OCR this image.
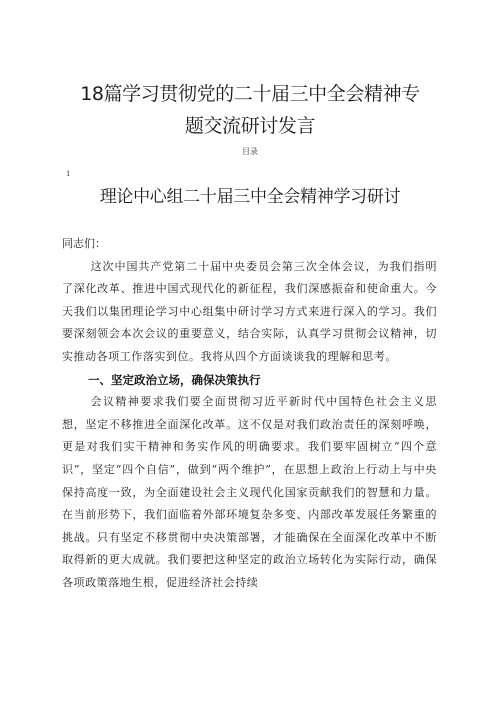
18篇学习贯彻党的二十届三中全会精神专
题交流研讨发言
目录
1
理论中心组二十届三中全会精神学习研讨

同志们：

这次中国共产党第二十届中央委员会第三次全体会议，为我们指明了深化改革、推进中国式现代化的新征程，我们深感振奋和使命重大。今天我们以集团理论学习中心组集中研讨学习方式来进行深入的学习。我们要深刻领会本次会议的重要意义，结合实际，认真学习贯彻会议精神，切实推动各项工作落实到位。我将从四个方面谈谈我的理解和思考。

一、坚定政治立场，确保决策执行

会议精神要求我们要全面贯彻习近平新时代中国特色社会主义思想，坚定不移推进全面深化改革。这不仅是对我们政治责任的深刻呼唤，更是对我们实干精神和务实作风的明确要求。我们要牢固树立“四个意识”，坚定“四个自信”，做到“两个维护”，在思想上政治上行动上与中央保持高度一致，为全面建设社会主义现代化国家贡献我们的智慧和力量。在当前形势下，我们面临着外部环境复杂多变、内部改革发展任务繁重的挑战。只有坚定不移贯彻中央决策部署，才能确保在全面深化改革中不断取得新的更大成就。我们要把这种坚定的政治立场转化为实际行动，确保各项政策落地生根，促进经济社会持续
